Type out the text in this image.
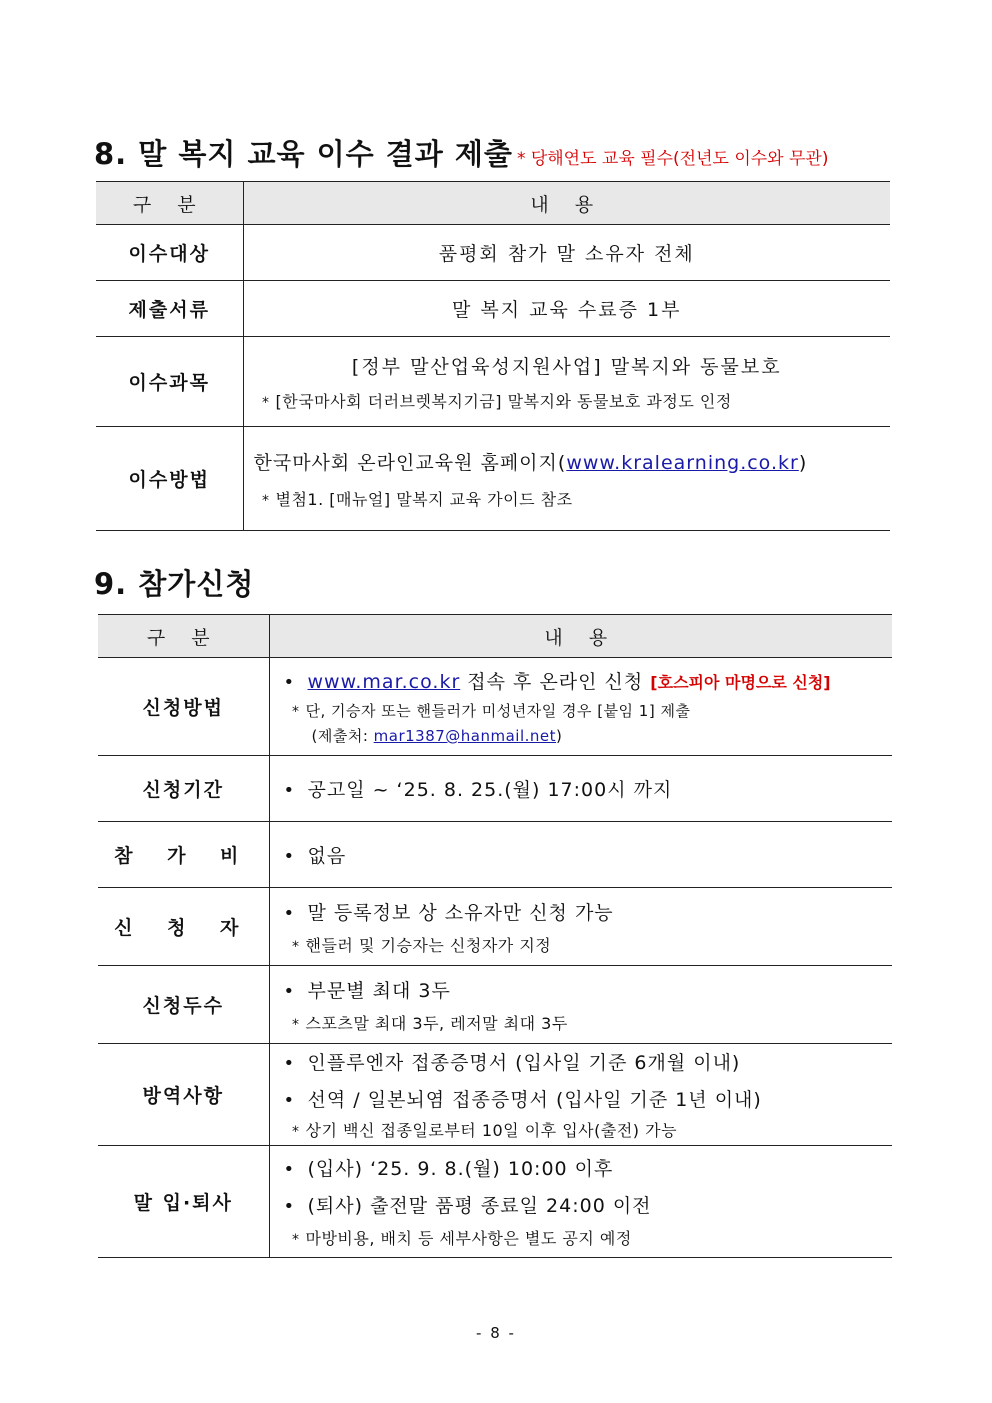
8. 말 복지 교육 이수 결과 제출 * 당해연도 교육 필수(전년도 이수와 무관)
구 분	내 용
이수대상	품평회 참가 말 소유자 전체
제출서류	말 복지 교육 수료증 1부
이수과목	[정부 말산업육성지원사업] 말복지와 동물보호
* [한국마사회 더러브렛복지기금] 말복지와 동물보호 과정도 인정

이수방법	한국마사회 온라인교육원 홈페이지(www.kralearning.co.kr)
* 별첨1. [매뉴얼] 말복지 교육 가이드 참조
9. 참가신청
구 분	내 용
신청방법	• www.mar.co.kr 접속 후 온라인 신청 [호스피아 마명으로 신청]
* 단, 기승자 또는 핸들러가 미성년자일 경우 [붙임 1] 제출
(제출처: mar1387@hanmail.net)

신청기간	• 공고일 ~ ‘25. 8. 25.(월) 17:00시 까지
참 가 비	• 없음
신 청 자	• 말 등록정보 상 소유자만 신청 가능
* 핸들러 및 기승자는 신청자가 지정

신청두수	• 부문별 최대 3두
* 스포츠말 최대 3두, 레저말 최대 3두

방역사항	• 인플루엔자 접종증명서 (입사일 기준 6개월 이내)
• 선역 / 일본뇌염 접종증명서 (입사일 기준 1년 이내)
* 상기 백신 접종일로부터 10일 이후 입사(출전) 가능

말 입·퇴사	• (입사) ‘25. 9. 8.(월) 10:00 이후
• (퇴사) 출전말 품평 종료일 24:00 이전
* 마방비용, 배치 등 세부사항은 별도 공지 예정
- 8 -
